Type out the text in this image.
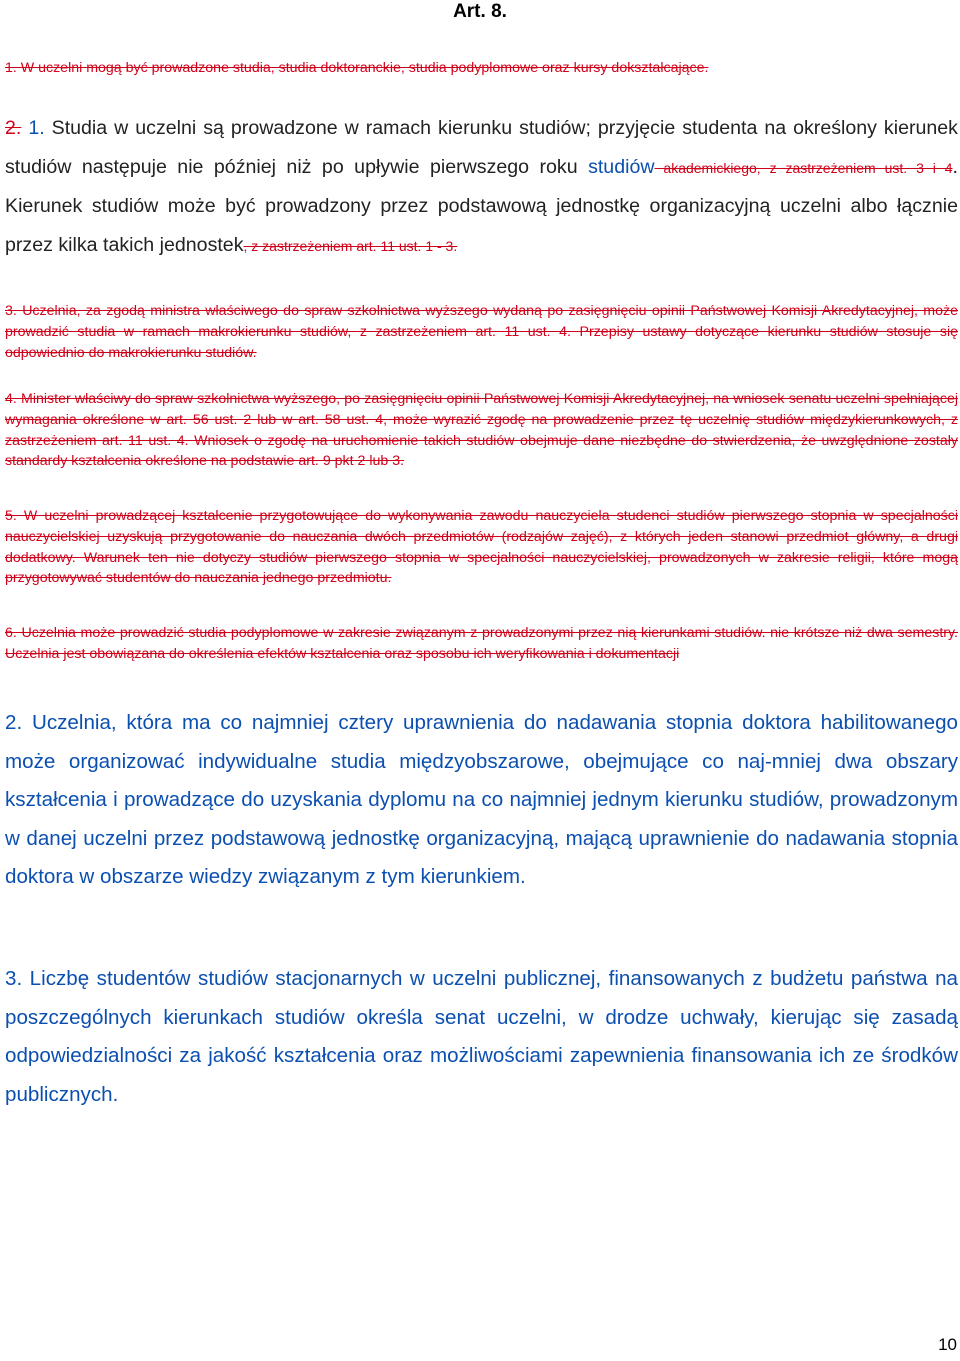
Art. 8.
1. W uczelni mogą być prowadzone studia, studia doktoranckie, studia podyplomowe oraz kursy dokształcające.
2. 1. Studia w uczelni są prowadzone w ramach kierunku studiów; przyjęcie studenta na określony kierunek studiów następuje nie później niż po upływie pierwszego roku studiów akademickiego, z zastrzeżeniem ust. 3 i 4. Kierunek studiów może być prowadzony przez podstawową jednostkę organizacyjną uczelni albo łącznie przez kilka takich jednostek, z zastrzeżeniem art. 11 ust. 1 - 3.
3. Uczelnia, za zgodą ministra właściwego do spraw szkolnictwa wyższego wydaną po zasięgnięciu opinii Państwowej Komisji Akredytacyjnej, może prowadzić studia w ramach makrokierunku studiów, z zastrzeżeniem art. 11 ust. 4. Przepisy ustawy dotyczące kierunku studiów stosuje się odpowiednio do makrokierunku studiów.
4. Minister właściwy do spraw szkolnictwa wyższego, po zasięgnięciu opinii Państwowej Komisji Akredytacyjnej, na wniosek senatu uczelni spełniającej wymagania określone w art. 56 ust. 2 lub w art. 58 ust. 4, może wyrazić zgodę na prowadzenie przez tę uczelnię studiów międzykierunkowych, z zastrzeżeniem art. 11 ust. 4. Wniosek o zgodę na uruchomienie takich studiów obejmuje dane niezbędne do stwierdzenia, że uwzględnione zostały standardy kształcenia określone na podstawie art. 9 pkt 2 lub 3.
5. W uczelni prowadzącej kształcenie przygotowujące do wykonywania zawodu nauczyciela studenci studiów pierwszego stopnia w specjalności nauczycielskiej uzyskują przygotowanie do nauczania dwóch przedmiotów (rodzajów zajęć), z których jeden stanowi przedmiot główny, a drugi dodatkowy. Warunek ten nie dotyczy studiów pierwszego stopnia w specjalności nauczycielskiej, prowadzonych w zakresie religii, które mogą przygotowywać studentów do nauczania jednego przedmiotu.
6. Uczelnia może prowadzić studia podyplomowe w zakresie związanym z prowadzonymi przez nią kierunkami studiów. nie krótsze niż dwa semestry. Uczelnia jest obowiązana do określenia efektów kształcenia oraz sposobu ich weryfikowania i dokumentacji
2. Uczelnia, która ma co najmniej cztery uprawnienia do nadawania stopnia doktora habilitowanego może organizować indywidualne studia międzyobszarowe, obejmujące co naj-mniej dwa obszary kształcenia i prowadzące do uzyskania dyplomu na co najmniej jednym kierunku studiów, prowadzonym w danej uczelni przez podstawową jednostkę organizacyjną, mającą uprawnienie do nadawania stopnia doktora w obszarze wiedzy związanym z tym kierunkiem.
3. Liczbę studentów studiów stacjonarnych w uczelni publicznej, finansowanych z budżetu państwa na poszczególnych kierunkach studiów określa senat uczelni, w drodze uchwały, kierując się zasadą odpowiedzialności za jakość kształcenia oraz możliwościami zapewnienia finansowania ich ze środków publicznych.
10
